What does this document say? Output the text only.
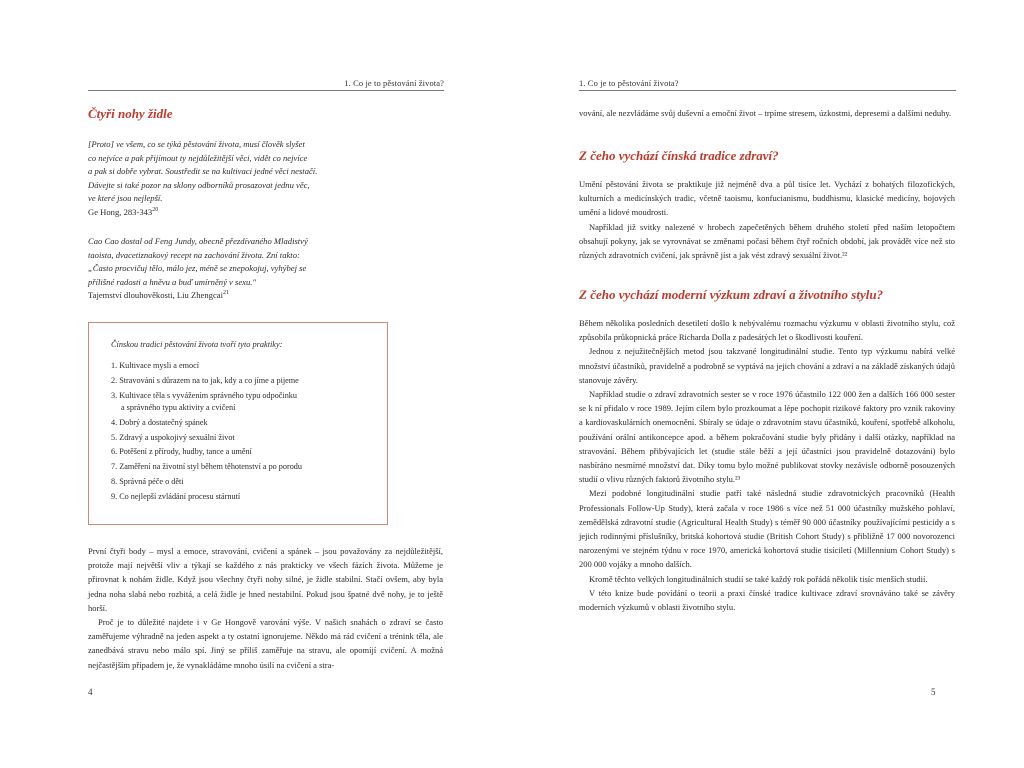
1. Co je to pěstování života?
Čtyři nohy židle
[Proto] ve všem, co se týká pěstování života, musí člověk slyšet
co nejvíce a pak přijímout ty nejdůležitější věci, vidět co nejvíce
a pak si dobře vybrat. Soustředit se na kultivaci jedné věci nestačí.
Dávejte si také pozor na sklony odborníků prosazovat jednu věc,
ve které jsou nejlepší.
Ge Hong, $283-343^{20}$
Cao Cao dostal od Feng Jundy, obecně přezdívaného Mladistvý
taoista, dvacetiznakový recept na zachování života. Zní takto:
„Často procvičuj tělo, málo jez, méně se znepokojuj, vyhýbej se
přílišné radosti a hněvu a buď umírněný v sexu."
Tajemství dlouhověkosti, Liu Zhengcai$^{21}$

Čínskou tradici pěstování života tvoří tyto praktiky:

1. Kultivace mysli a emocí
2. Stravování s důrazem na to jak, kdy a co jíme a pijeme
3. Kultivace těla s vyvážením správného typu odpočinku
a správného typu aktivity a cvičení
4. Dobrý a dostatečný spánek
5. Zdravý a uspokojivý sexuální život
6. Potěšení z přírody, hudby, tance a umění
7. Zaměření na životní styl během těhotenství a po porodu
8. Správná péče o děti
9. Co nejlepší zvládání procesu stárnutí

První čtyři body – mysl a emoce, stravování, cvičení a spánek – jsou považovány za nejdůležitější, protože mají největší vliv a týkají se každého z nás prakticky ve všech fázích života. Můžeme je přirovnat k nohám židle. Když jsou všechny čtyři nohy silné, je židle stabilní. Stačí ovšem, aby byla jedna noha slabá nebo rozbitá, a celá židle je hned nestabilní. Pokud jsou špatné dvě nohy, je to ještě horší.

Proč je to důležité najdete i v Ge Hongově varování výše. V našich snahách o zdraví se často zaměřujeme výhradně na jeden aspekt a ty ostatní ignorujeme. Někdo má rád cvičení a trénink těla, ale zanedbává stravu nebo málo spí. Jiný se příliš zaměřuje na stravu, ale opomíjí cvičení. A možná nejčastějším případem je, že vynakládáme mnoho úsilí na cvičení a stra-

4
1. Co je to pěstování života?

vování, ale nezvládáme svůj duševní a emoční život – trpíme stresem, úzkostmi, depresemi a dalšími neduhy.

Z čeho vychází čínská tradice zdraví?

Umění pěstování života se praktikuje již nejméně dva a půl tisíce let. Vychází z bohatých filozofických, kulturních a medicínských tradic, včetně taoismu, konfucianismu, buddhismu, klasické medicíny, bojových umění a lidové moudrosti.

Například již svitky nalezené v hrobech zapečetěných během druhého století před naším letopočtem obsahují pokyny, jak se vyrovnávat se změnami počasí během čtyř ročních období, jak provádět více než sto různých zdravotních cvičení, jak správně jíst a jak vést zdravý sexuální život.²²

Z čeho vychází moderní výzkum zdraví a životního stylu?

Během několika posledních desetiletí došlo k nebývalému rozmachu výzkumu v oblasti životního stylu, což způsobila průkopnická práce Richarda Dolla z padesátých let o škodlivosti kouření.

Jednou z nejužitečnějších metod jsou takzvané longitudinální studie. Tento typ výzkumu nabírá velké množství účastníků, pravidelně a podrobně se vyptává na jejich chování a zdraví a na základě získaných údajů stanovuje závěry.

Například studie o zdraví zdravotních sester se v roce 1976 účastnilo 122 000 žen a dalších 166 000 sester se k ní přidalo v roce 1989. Jejím cílem bylo prozkoumat a lépe pochopit rizikové faktory pro vznik rakoviny a kardiovaskulárních onemocnění. Sbíraly se údaje o zdravotním stavu účastníků, kouření, spotřebě alkoholu, používání orální antikoncepce apod. a během pokračování studie byly přidány i další otázky, například na stravování. Během přibývajících let (studie stále běží a její účastníci jsou pravidelně dotazováni) bylo nasbíráno nesmírné množství dat. Díky tomu bylo možné publikovat stovky nezávisle odborně posouzených studií o vlivu různých faktorů životního stylu.²³

Mezi podobné longitudinální studie patří také následná studie zdravotnických pracovníků (Health Professionals Follow-Up Study), která začala v roce 1986 s více než 51 000 účastníky mužského pohlaví, zemědělská zdravotní studie (Agricultural Health Study) s téměř 90 000 účastníky používajícími pesticidy a s jejich rodinnými příslušníky, britská kohortová studie (British Cohort Study) s přibližně 17 000 novorozenci narozenými ve stejném týdnu v roce 1970, americká kohortová studie tisíciletí (Millennium Cohort Study) s 200 000 vojáky a mnoho dalších.

Kromě těchto velkých longitudinálních studií se také každý rok pořádá několik tisíc menších studií.

V této knize bude povídání o teorii a praxi čínské tradice kultivace zdraví srovnáváno také se závěry moderních výzkumů v oblasti životního stylu.

5
